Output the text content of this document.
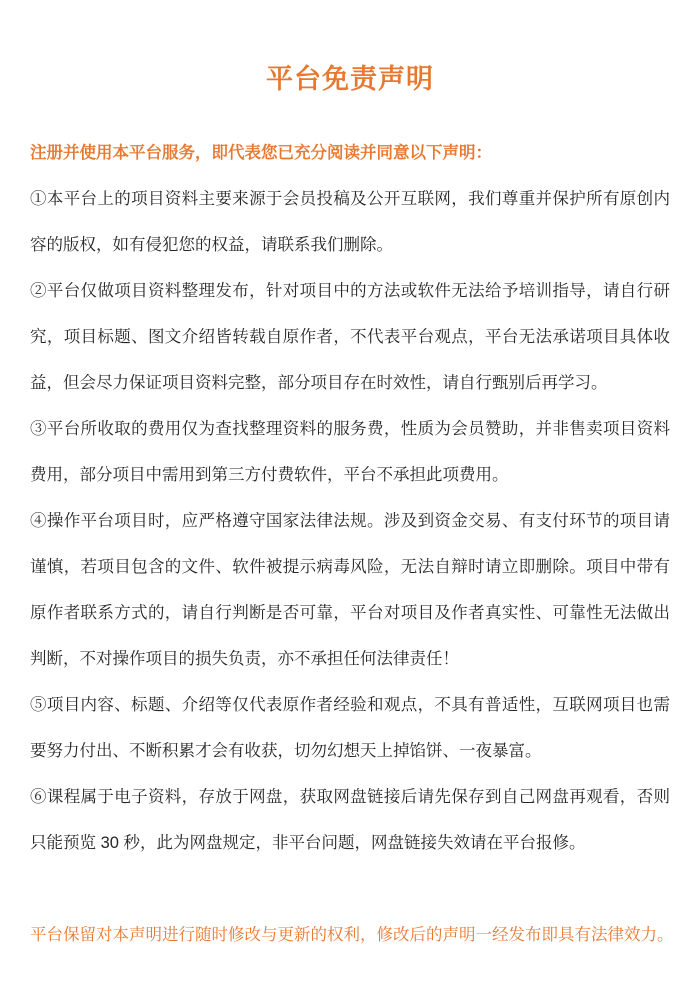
平台免责声明

注册并使用本平台服务，即代表您已充分阅读并同意以下声明：

①本平台上的项目资料主要来源于会员投稿及公开互联网，我们尊重并保护所有原创内容的版权，如有侵犯您的权益，请联系我们删除。

②平台仅做项目资料整理发布，针对项目中的方法或软件无法给予培训指导，请自行研究，项目标题、图文介绍皆转载自原作者，不代表平台观点，平台无法承诺项目具体收益，但会尽力保证项目资料完整，部分项目存在时效性，请自行甄别后再学习。

③平台所收取的费用仅为查找整理资料的服务费，性质为会员赞助，并非售卖项目资料费用，部分项目中需用到第三方付费软件，平台不承担此项费用。

④操作平台项目时，应严格遵守国家法律法规。涉及到资金交易、有支付环节的项目请谨慎，若项目包含的文件、软件被提示病毒风险，无法自辩时请立即删除。项目中带有原作者联系方式的，请自行判断是否可靠，平台对项目及作者真实性、可靠性无法做出判断，不对操作项目的损失负责，亦不承担任何法律责任！

⑤项目内容、标题、介绍等仅代表原作者经验和观点，不具有普适性，互联网项目也需要努力付出、不断积累才会有收获，切勿幻想天上掉馅饼、一夜暴富。

⑥课程属于电子资料，存放于网盘，获取网盘链接后请先保存到自己网盘再观看，否则只能预览 30 秒，此为网盘规定，非平台问题，网盘链接失效请在平台报修。

平台保留对本声明进行随时修改与更新的权利，修改后的声明一经发布即具有法律效力。
